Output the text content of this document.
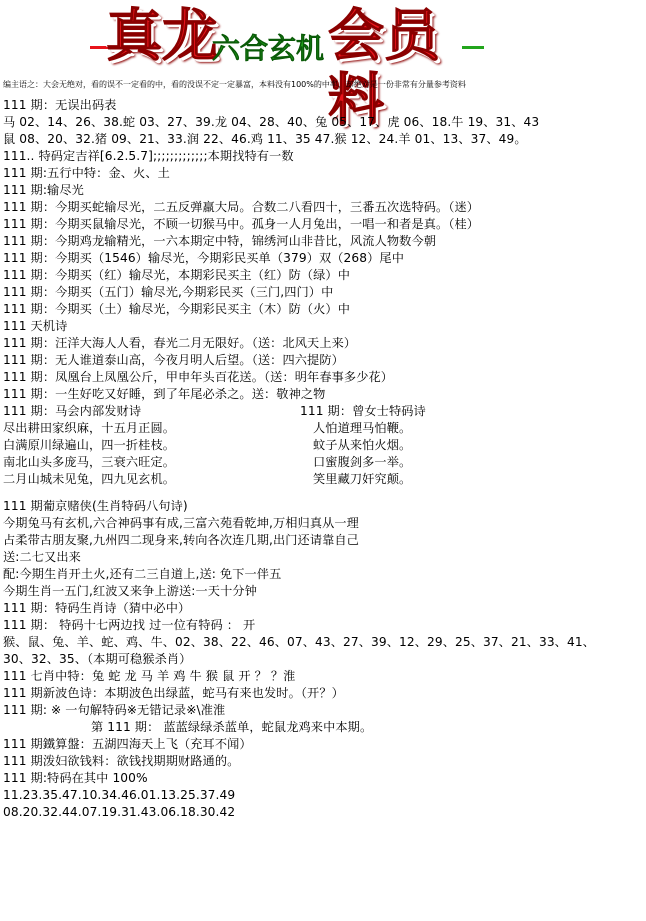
真龙
六合玄机 会员料
编主语之：大会无绝对，看的误不一定看的中，看的没误不定一定暴富，本料没有100%的中率，却绝对是一份非常有分量参考资料
111 期：无误出码表
马 02、14、26、38.蛇 03、27、39.龙 04、28、40、兔 05、17、虎 06、18.牛 19、31、43
鼠 08、20、32.猪 09、21、33.润 22、46.鸡 11、35 47.猴 12、24.羊 01、13、37、49。
111.. 特码定吉祥[6.2.5.7];;;;;;;;;;;;;本期找特有一数
111 期:五行中特：金、火、土
111 期:输尽光
111 期：今期买蛇输尽光，二五反弹羸大局。合数二八看四十，三番五次选特码。（迷）
111 期：今期买鼠输尽光，不顾一切猴马中。孤身一人月兔出，一唱一和者是真。（桂）
111 期：今期鸡龙输精光，一六本期定中特，锦绣河山非昔比，风流人物数今朝
111 期：今期买（1546）输尽光，今期彩民买单（379）双（268）尾中
111 期：今期买（红）输尽光，本期彩民买主（红）防（绿）中
111 期：今期买（五门）输尽光,今期彩民买（三门,四门）中
111 期：今期买（土）输尽光，今期彩民买主（木）防（火）中
111 天机诗
111 期：汪洋大海人人看，春光二月无限好。（送：北风天上来）
111 期：无人谁道泰山高，今夜月明人后望。（送：四六提防）
111 期：凤凰台上凤凰公斤，甲申年头百花送。（送：明年春事多少花）
111 期：一生好吃又好睡，到了年尾必杀之。送：敬神之物
111 期：马会内部发财诗	111 期：曾女士特码诗
尽出耕田家织麻，十五月正圆。	人怕道理马怕鞭。
白满原川绿遍山，四一折桂枝。	蚊子从来怕火烟。
南北山头多庞马，三衰六旺定。	口蜜腹剑多一举。
二月山城未见兔，四九见玄机。	笑里藏刀奸究颠。
111 期葡京赌侠(生肖特码八句诗)
今期兔马有玄机,六合神码事有成,三富六苑看乾坤,万相归真从一理
占柔带古朋友聚,九州四二现身来,转向各次连几期,出门还请靠自己
送:二七又出来
配:今期生肖开土火,还有二三自道上,送: 免下一伴五
今期生肖一五门,红波又来争上游送:一天十分钟
111 期：特码生肖诗（猜中必中）
111 期： 特码十七两边找 过一位有特码 ： 开
猴、鼠、兔、羊、蛇、鸡、牛、02、38、22、46、07、43、27、39、12、29、25、37、21、33、41、
30、32、35、（本期可稳猴杀肖）
111 七肖中特：兔 蛇 龙 马 羊 鸡 牛 猴 鼠 开 ？ ？淮
111 期新波色诗：本期波色出绿蓝，蛇马有来也发时。（开？）
111 期: ※ 一句解特码※无错记录※\准淮
第 111 期： 蓝蓝绿绿杀蓝单，蛇鼠龙鸡来中本期。
111 期鐵算盤：五湖四海天上飞（充耳不闻）
111 期泼妇欲钱料：欲钱找期期财路通的。
111 期:特码在其中 100%
11.23.35.47.10.34.46.01.13.25.37.49
08.20.32.44.07.19.31.43.06.18.30.42
